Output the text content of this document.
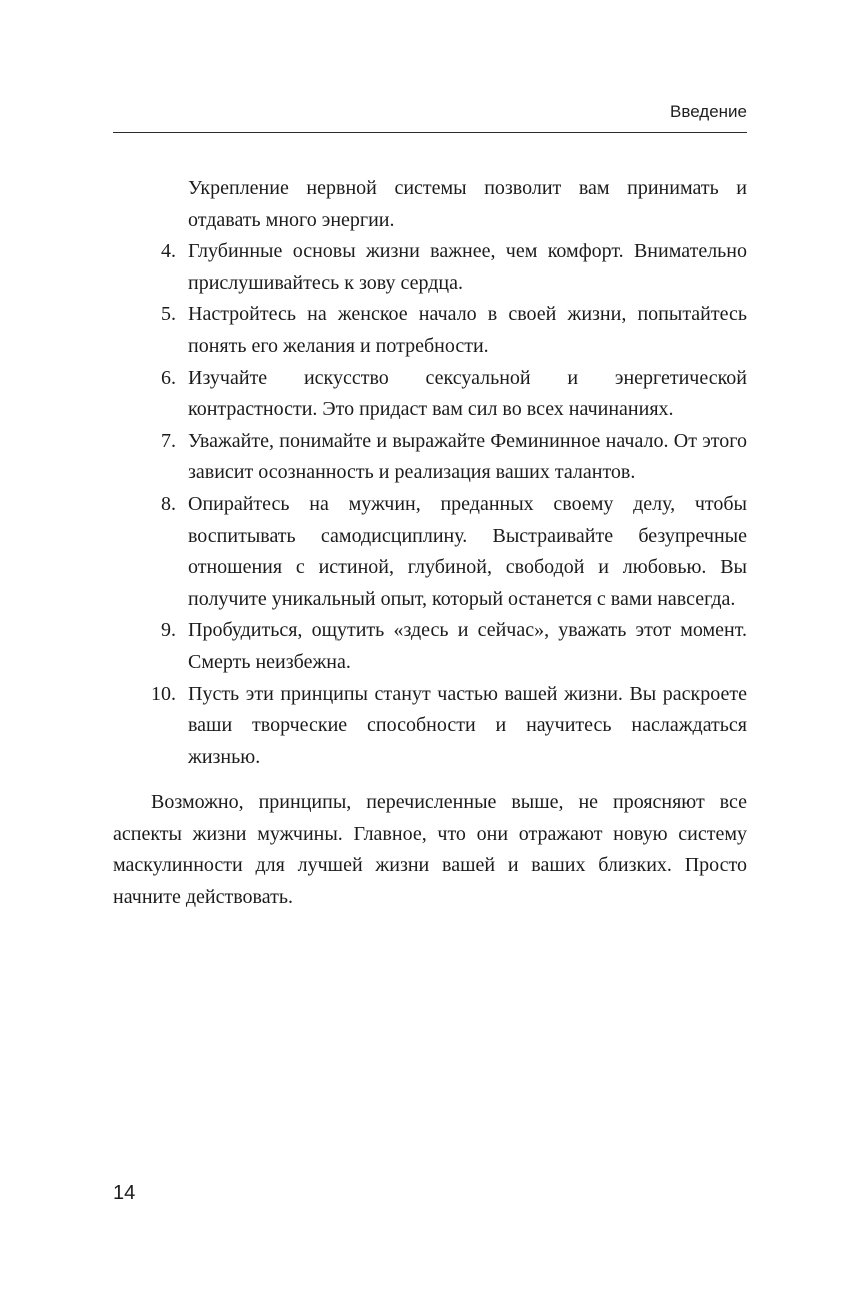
Введение

Укрепление нервной системы позволит вам принимать и отдавать много энергии.

4. Глубинные основы жизни важнее, чем комфорт. Внимательно прислушивайтесь к зову сердца.
5. Настройтесь на женское начало в своей жизни, попытайтесь понять его желания и потребности.
6. Изучайте искусство сексуальной и энергетической контрастности. Это придаст вам сил во всех начинаниях.
7. Уважайте, понимайте и выражайте Фемининное начало. От этого зависит осознанность и реализация ваших талантов.
8. Опирайтесь на мужчин, преданных своему делу, чтобы воспитывать самодисциплину. Выстраивайте безупречные отношения с истиной, глубиной, свободой и любовью. Вы получите уникальный опыт, который останется с вами навсегда.
9. Пробудиться, ощутить «здесь и сейчас», уважать этот момент. Смерть неизбежна.
10. Пусть эти принципы станут частью вашей жизни. Вы раскроете ваши творческие способности и научитесь наслаждаться жизнью.

Возможно, принципы, перечисленные выше, не проясняют все аспекты жизни мужчины. Главное, что они отражают новую систему маскулинности для лучшей жизни вашей и ваших близких. Просто начните действовать.

14
